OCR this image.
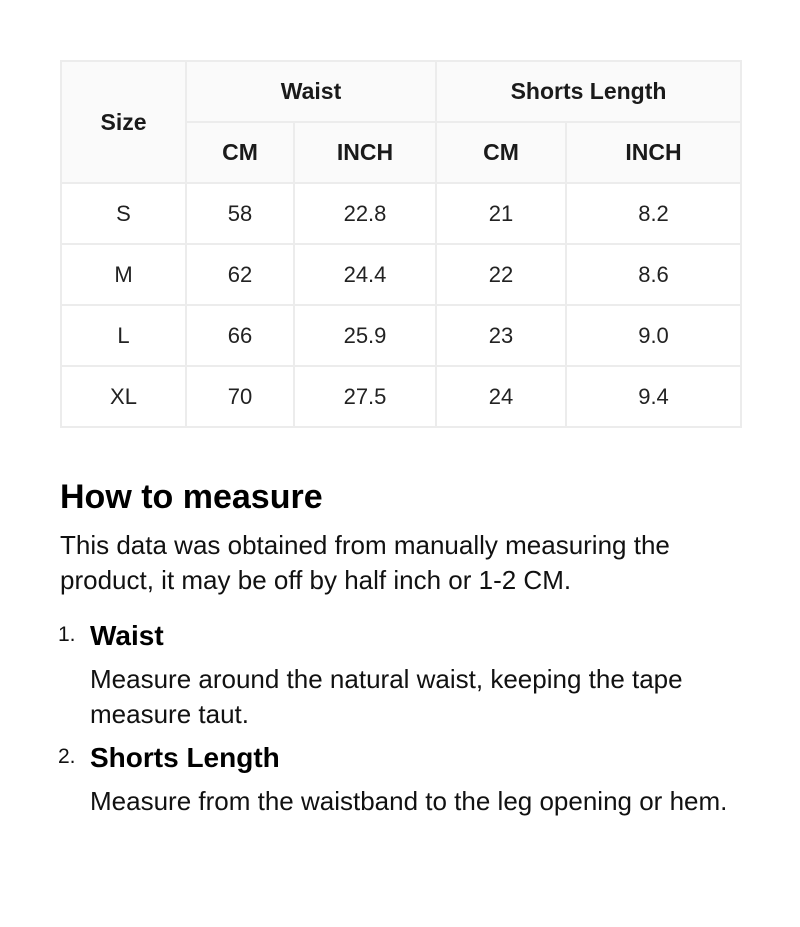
Size	Waist		Shorts Length	
	CM	INCH	CM	INCH
S	58	22.8	21	8.2
M	62	24.4	22	8.6
L	66	25.9	23	9.0
XL	70	27.5	24	9.4
How to measure

This data was obtained from manually measuring the product, it may be off by half inch or 1-2 CM.

1. Waist
Measure around the natural waist, keeping the tape measure taut.
2. Shorts Length
Measure from the waistband to the leg opening or hem.
